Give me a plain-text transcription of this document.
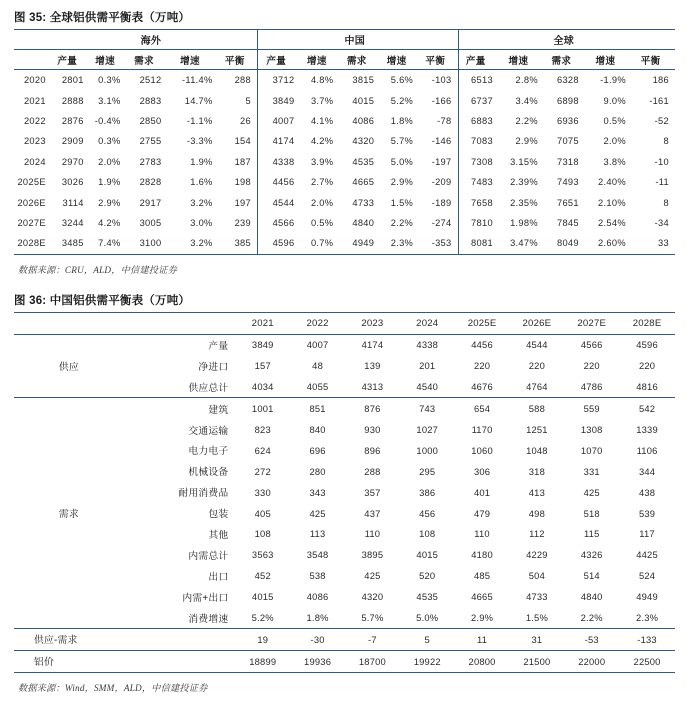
图 35: 全球铝供需平衡表（万吨）

	海外					中国					全球				
	产量	增速	需求	增速	平衡	产量	增速	需求	增速	平衡	产量	增速	需求	增速	平衡
2020	2801	0.3%	2512	-11.4%	288	3712	4.8%	3815	5.6%	-103	6513	2.8%	6328	-1.9%	186
2021	2888	3.1%	2883	14.7%	5	3849	3.7%	4015	5.2%	-166	6737	3.4%	6898	9.0%	-161
2022	2876	-0.4%	2850	-1.1%	26	4007	4.1%	4086	1.8%	-78	6883	2.2%	6936	0.5%	-52
2023	2909	0.3%	2755	-3.3%	154	4174	4.2%	4320	5.7%	-146	7083	2.9%	7075	2.0%	8
2024	2970	2.0%	2783	1.9%	187	4338	3.9%	4535	5.0%	-197	7308	3.15%	7318	3.8%	-10
2025E	3026	1.9%	2828	1.6%	198	4456	2.7%	4665	2.9%	-209	7483	2.39%	7493	2.40%	-11
2026E	3114	2.9%	2917	3.2%	197	4544	2.0%	4733	1.5%	-189	7658	2.35%	7651	2.10%	8
2027E	3244	4.2%	3005	3.0%	239	4566	0.5%	4840	2.2%	-274	7810	1.98%	7845	2.54%	-34
2028E	3485	7.4%	3100	3.2%	385	4596	0.7%	4949	2.3%	-353	8081	3.47%	8049	2.60%	33
数据来源：CRU，ALD，中信建投证券
图 36: 中国铝供需平衡表（万吨）

		2021	2022	2023	2024	2025E	2026E	2027E	2028E
	产量	3849	4007	4174	4338	4456	4544	4566	4596
供应	净进口	157	48	139	201	220	220	220	220
	供应总计	4034	4055	4313	4540	4676	4764	4786	4816
	建筑	1001	851	876	743	654	588	559	542
	交通运输	823	840	930	1027	1170	1251	1308	1339
	电力电子	624	696	896	1000	1060	1048	1070	1106
	机械设备	272	280	288	295	306	318	331	344
	耐用消费品	330	343	357	386	401	413	425	438
需求	包装	405	425	437	456	479	498	518	539
	其他	108	113	110	108	110	112	115	117
	内需总计	3563	3548	3895	4015	4180	4229	4326	4425
	出口	452	538	425	520	485	504	514	524
	内需+出口	4015	4086	4320	4535	4665	4733	4840	4949
	消费增速	5.2%	1.8%	5.7%	5.0%	2.9%	1.5%	2.2%	2.3%
供应-需求		19	-30	-7	5	11	31	-53	-133
铝价		18899	19936	18700	19922	20800	21500	22000	22500
数据来源：Wind，SMM，ALD，中信建投证券
